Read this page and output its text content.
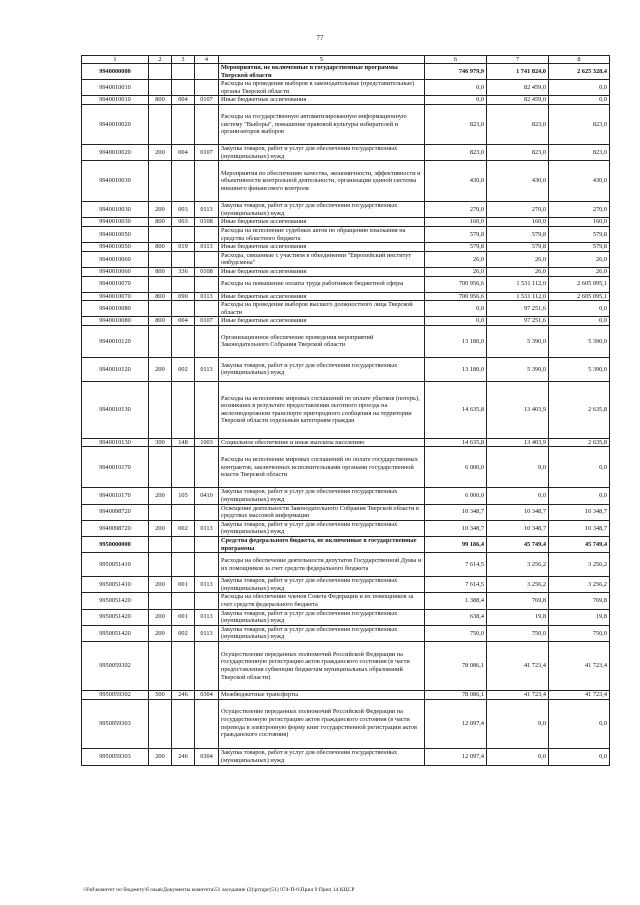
77
1	2	3	4	5	6	7	8
9940000000				Мероприятия, не включенные в государственные программы Тверской области	746 979,9	1 741 824,0	2 625 328,4
9940010010				Расходы на проведение выборов в законодательные (представительные) органы Тверской области	0,0	82 459,0	0,0
9940010010	800	004	0107	Иные бюджетные ассигнования	0,0	82 459,0	0,0
9940010020				Расходы на государственную автоматизированную информационную систему "Выборы", повышение правовой культуры избирателей и организаторов выборов	823,0	823,0	823,0
9940010020	200	004	0107	Закупка товаров, работ и услуг для обеспечения государственных (муниципальных) нужд	823,0	823,0	823,0
9940010030				Мероприятия по обеспечению качества, экономичности, эффективности и объективности контрольной деятельности, организации единой системы внешнего финансового контроля	430,0	430,0	430,0
9940010030	200	003	0113	Закупка товаров, работ и услуг для обеспечения государственных (муниципальных) нужд	270,0	270,0	270,0
9940010030	800	003	0108	Иные бюджетные ассигнования	160,0	160,0	160,0
9940010050				Расходы на исполнение судебных актов по обращению взыскания на средства областного бюджета	579,8	579,8	579,8
9940010050	800	019	0113	Иные бюджетные ассигнования	579,8	579,8	579,8
9940010060				Расходы, связанные с участием в объединении "Европейский институт омбудсмена"	26,0	26,0	26,0
9940010060	800	336	0108	Иные бюджетные ассигнования	26,0	26,0	26,0
9940010070				Расходы на повышение оплаты труда работников бюджетной сферы	700 956,6	1 531 112,0	2 605 095,1
9940010070	800	090	0113	Иные бюджетные ассигнования	700 956,6	1 531 112,0	2 605 095,1
9940010080				Расходы на проведение выборов высшего должностного лица Тверской области	0,0	97 251,6	0,0
9940010080	800	004	0107	Иные бюджетные ассигнования	0,0	97 251,6	0,0
9940010120				Организационное обеспечение проведения мероприятий Законодательного Собрания Тверской области	13 180,0	5 390,0	5 390,0
9940010120	200	002	0113	Закупка товаров, работ и услуг для обеспечения государственных (муниципальных) нужд	13 180,0	5 390,0	5 390,0
9940010130				Расходы на исполнение мировых соглашений по оплате убытков (потерь), возникших в результате предоставления льготного проезда на железнодорожном транспорте пригородного сообщения на территории Тверской области отдельным категориям граждан	14 635,8	13 403,9	2 635,8
9940010130	300	148	1003	Социальное обеспечение и иные выплаты населению	14 635,8	13 403,9	2 635,8
9940010170				Расходы на исполнение мировых соглашений по оплате государственных контрактов, заключенных исполнительными органами государственной власти Тверской области	6 000,0	0,0	0,0
9940010170	200	105	0410	Закупка товаров, работ и услуг для обеспечения государственных (муниципальных) нужд	6 000,0	0,0	0,0
9940098720				Освещение деятельности Законодательного Собрания Тверской области в средствах массовой информации	10 348,7	10 348,7	10 348,7
9940098720	200	002	0113	Закупка товаров, работ и услуг для обеспечения государственных (муниципальных) нужд	10 348,7	10 348,7	10 348,7
9950000000				Средства федерального бюджета, не включенные в государственные программы	99 186,4	45 749,4	45 749,4
9950051410				Расходы на обеспечение деятельности депутатов Государственной Думы и их помощников за счет средств федерального бюджета	7 614,5	3 256,2	3 256,2
9950051410	200	001	0113	Закупка товаров, работ и услуг для обеспечения государственных (муниципальных) нужд	7 614,5	3 256,2	3 256,2
9950051420				Расходы на обеспечение членов Совета Федерации и их помощников за счет средств федерального бюджета	1 388,4	769,8	769,8
9950051420	200	001	0113	Закупка товаров, работ и услуг для обеспечения государственных (муниципальных) нужд	638,4	19,8	19,8
9950051420	200	002	0113	Закупка товаров, работ и услуг для обеспечения государственных (муниципальных) нужд	750,0	750,0	750,0
9950059302				Осуществление переданных полномочий Российской Федерации на государственную регистрацию актов гражданского состояния (в части предоставления субвенции бюджетам муниципальных образований Тверской области)	78 086,1	41 723,4	41 723,4
9950059302	500	246	0304	Межбюджетные трансферты	78 086,1	41 723,4	41 723,4
9950059303				Осуществление переданных полномочий Российской Федерации на государственную регистрацию актов гражданского состояния (в части перевода в электронную форму книг государственной регистрации актов гражданского состояния)	12 097,4	0,0	0,0
9950059303	200	246	0304	Закупка товаров, работ и услуг для обеспечения государственных (муниципальных) нужд	12 097,4	0,0	0,0
\\Fs0\комитет по бюджету\б озыв\Документы комитета\51 заседание (2)\prгдрг(51) 974-П-6\Прил 9 Прил 14 КЦСР
